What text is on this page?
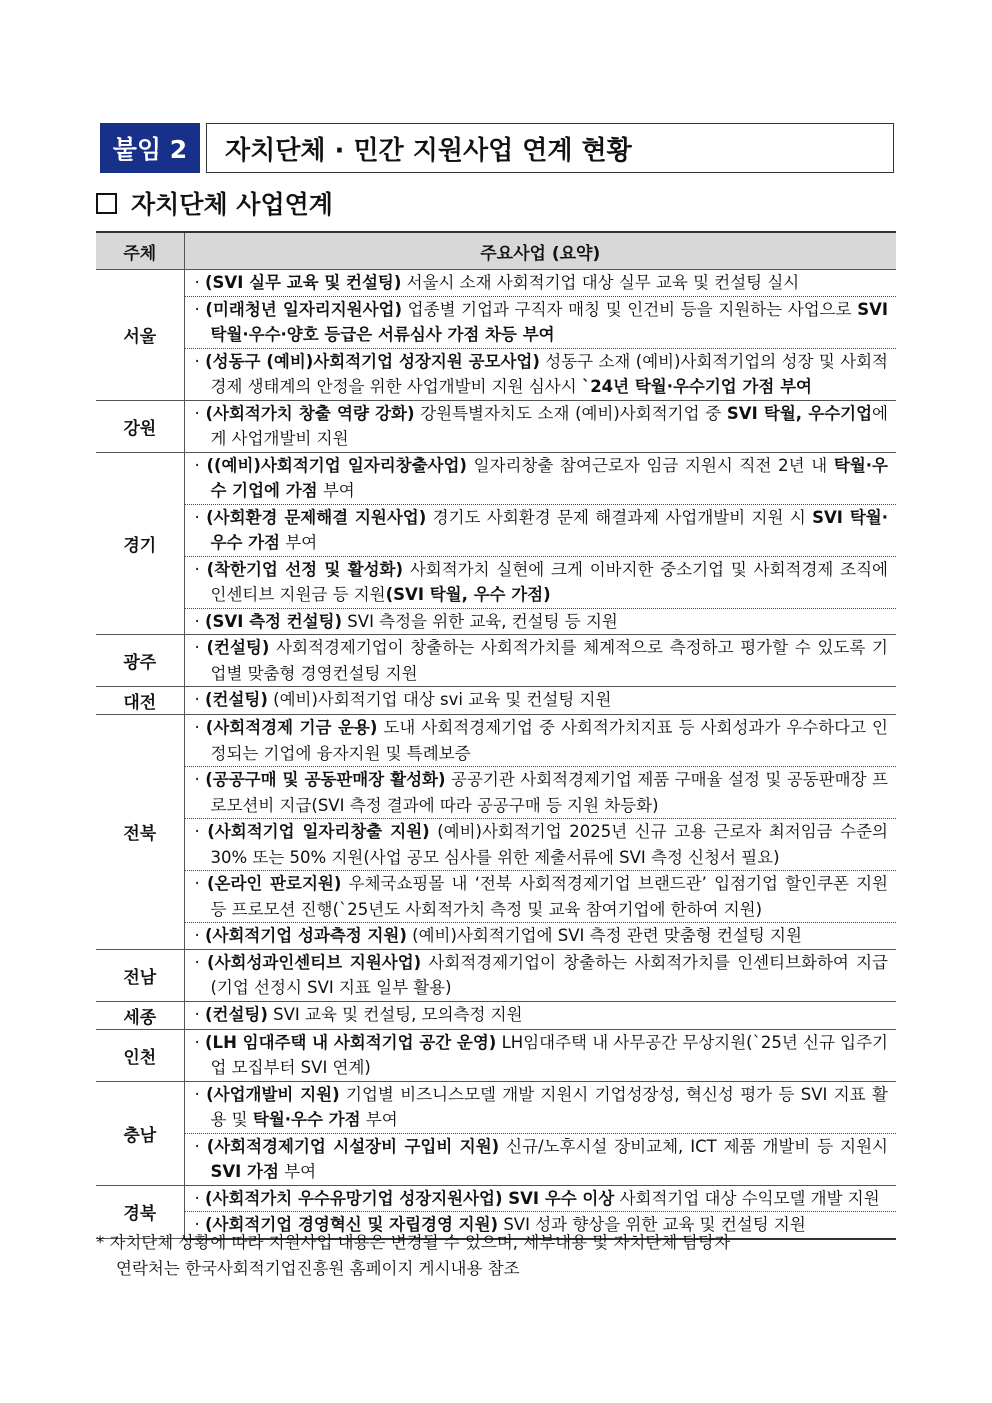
붙임 2	자치단체 · 민간 지원사업 연계 현황
자치단체 사업연계
주체	주요사업 (요약)
서울	· (SVI 실무 교육 및 컨설팅) 서울시 소재 사회적기업 대상 실무 교육 및 컨설팅 실시
	· (미래청년 일자리지원사업) 업종별 기업과 구직자 매칭 및 인건비 등을 지원하는 사업으로 SVI 탁월·우수·양호 등급은 서류심사 가점 차등 부여
	· (성동구 (예비)사회적기업 성장지원 공모사업) 성동구 소재 (예비)사회적기업의 성장 및 사회적경제 생태계의 안정을 위한 사업개발비 지원 심사시 `24년 탁월·우수기업 가점 부여
강원	· (사회적가치 창출 역량 강화) 강원특별자치도 소재 (예비)사회적기업 중 SVI 탁월, 우수기업에게 사업개발비 지원
경기	· ((예비)사회적기업 일자리창출사업) 일자리창출 참여근로자 임금 지원시 직전 2년 내 탁월·우수 기업에 가점 부여
	· (사회환경 문제해결 지원사업) 경기도 사회환경 문제 해결과제 사업개발비 지원 시 SVI 탁월·우수 가점 부여
	· (착한기업 선정 및 활성화) 사회적가치 실현에 크게 이바지한 중소기업 및 사회적경제 조직에 인센티브 지원금 등 지원(SVI 탁월, 우수 가점)
	· (SVI 측정 컨설팅) SVI 측정을 위한 교육, 컨설팅 등 지원
광주	· (컨설팅) 사회적경제기업이 창출하는 사회적가치를 체계적으로 측정하고 평가할 수 있도록 기업별 맞춤형 경영컨설팅 지원
대전	· (컨설팅) (예비)사회적기업 대상 svi 교육 및 컨설팅 지원
전북	· (사회적경제 기금 운용) 도내 사회적경제기업 중 사회적가치지표 등 사회성과가 우수하다고 인정되는 기업에 융자지원 및 특례보증
	· (공공구매 및 공동판매장 활성화) 공공기관 사회적경제기업 제품 구매율 설정 및 공동판매장 프로모션비 지급(SVI 측정 결과에 따라 공공구매 등 지원 차등화)
	· (사회적기업 일자리창출 지원) (예비)사회적기업 2025년 신규 고용 근로자 최저임금 수준의 30% 또는 50% 지원(사업 공모 심사를 위한 제출서류에 SVI 측정 신청서 필요)
	· (온라인 판로지원) 우체국쇼핑몰 내 ‘전북 사회적경제기업 브랜드관’ 입점기업 할인쿠폰 지원 등 프로모션 진행(`25년도 사회적가치 측정 및 교육 참여기업에 한하여 지원)
	· (사회적기업 성과측정 지원) (예비)사회적기업에 SVI 측정 관련 맞춤형 컨설팅 지원
전남	· (사회성과인센티브 지원사업) 사회적경제기업이 창출하는 사회적가치를 인센티브화하여 지급(기업 선정시 SVI 지표 일부 활용)
세종	· (컨설팅) SVI 교육 및 컨설팅, 모의측정 지원
인천	· (LH 임대주택 내 사회적기업 공간 운영) LH임대주택 내 사무공간 무상지원(`25년 신규 입주기업 모집부터 SVI 연계)
충남	· (사업개발비 지원) 기업별 비즈니스모델 개발 지원시 기업성장성, 혁신성 평가 등 SVI 지표 활용 및 탁월·우수 가점 부여
	· (사회적경제기업 시설장비 구입비 지원) 신규/노후시설 장비교체, ICT 제품 개발비 등 지원시 SVI 가점 부여
경북	· (사회적가치 우수유망기업 성장지원사업) SVI 우수 이상 사회적기업 대상 수익모델 개발 지원
	· (사회적기업 경영혁신 및 자립경영 지원) SVI 성과 향상을 위한 교육 및 컨설팅 지원
* 자치단체 상황에 따라 지원사업 내용은 변경될 수 있으며, 세부내용 및 자치단체 담당자
연락처는 한국사회적기업진흥원 홈페이지 게시내용 참조
